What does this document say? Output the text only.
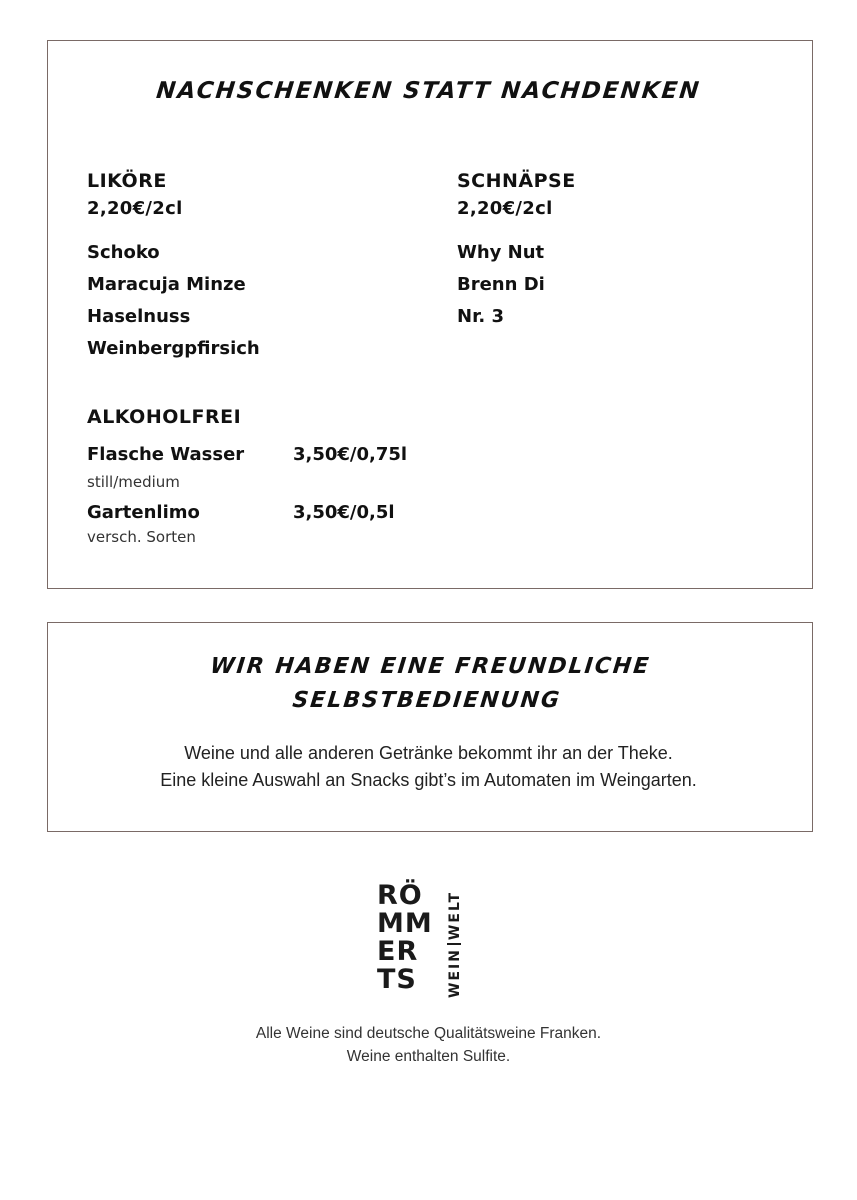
NACHSCHENKEN STATT NACHDENKEN
LIKÖRE
2,20€/2cl
Schoko
Maracuja Minze
Haselnuss
Weinbergpfirsich
SCHNÄPSE
2,20€/2cl
Why Nut
Brenn Di
Nr. 3
ALKOHOLFREI
Flasche Wasser	3,50€/0,75l
still/medium
Gartenlimo	3,50€/0,5l
versch. Sorten
WIR HABEN EINE FREUNDLICHE
SELBSTBEDIENUNG
Weine und alle anderen Getränke bekommt ihr an der Theke.
Eine kleine Auswahl an Snacks gibt’s im Automaten im Weingarten.
RÖ
MM
ER
TS	WEINWELT
Alle Weine sind deutsche Qualitätsweine Franken.
Weine enthalten Sulfite.
